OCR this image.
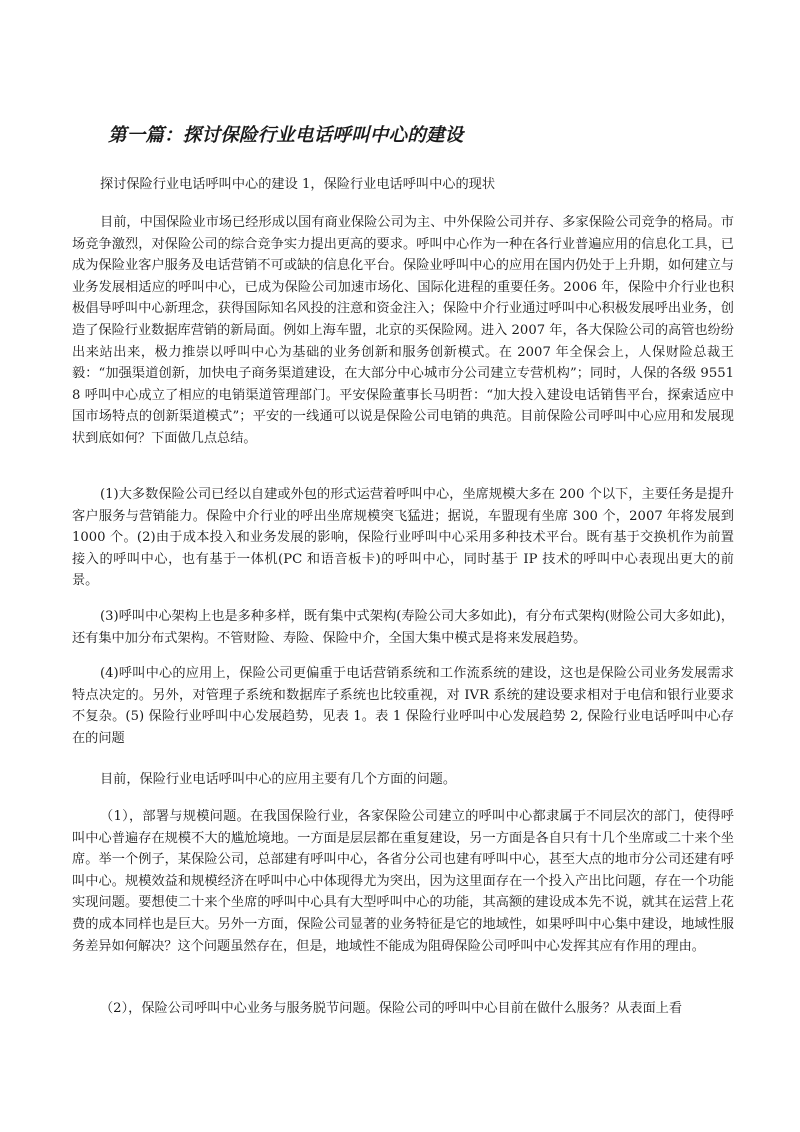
第一篇：探讨保险行业电话呼叫中心的建设

探讨保险行业电话呼叫中心的建设 1，保险行业电话呼叫中心的现状

目前，中国保险业市场已经形成以国有商业保险公司为主、中外保险公司并存、多家保险公司竞争的格局。市场竞争激烈，对保险公司的综合竞争实力提出更高的要求。呼叫中心作为一种在各行业普遍应用的信息化工具，已成为保险业客户服务及电话营销不可或缺的信息化平台。保险业呼叫中心的应用在国内仍处于上升期，如何建立与业务发展相适应的呼叫中心，已成为保险公司加速市场化、国际化进程的重要任务。2006 年，保险中介行业也积极倡导呼叫中心新理念，获得国际知名风投的注意和资金注入；保险中介行业通过呼叫中心积极发展呼出业务，创造了保险行业数据库营销的新局面。例如上海车盟，北京的买保险网。进入 2007 年，各大保险公司的高管也纷纷出来站出来，极力推崇以呼叫中心为基础的业务创新和服务创新模式。在 2007 年全保会上，人保财险总裁王毅：“加强渠道创新，加快电子商务渠道建设，在大部分中心城市分公司建立专营机构”；同时，人保的各级 95518 呼叫中心成立了相应的电销渠道管理部门。平安保险董事长马明哲：“加大投入建设电话销售平台，探索适应中国市场特点的创新渠道模式”；平安的一线通可以说是保险公司电销的典范。目前保险公司呼叫中心应用和发展现状到底如何？下面做几点总结。

(1)大多数保险公司已经以自建或外包的形式运营着呼叫中心，坐席规模大多在 200 个以下，主要任务是提升客户服务与营销能力。保险中介行业的呼出坐席规模突飞猛进；据说，车盟现有坐席 300 个，2007 年将发展到 1000 个。(2)由于成本投入和业务发展的影响，保险行业呼叫中心采用多种技术平台。既有基于交换机作为前置接入的呼叫中心，也有基于一体机(PC 和语音板卡)的呼叫中心，同时基于 IP 技术的呼叫中心表现出更大的前景。

(3)呼叫中心架构上也是多种多样，既有集中式架构(寿险公司大多如此)，有分布式架构(财险公司大多如此)，还有集中加分布式架构。不管财险、寿险、保险中介，全国大集中模式是将来发展趋势。

(4)呼叫中心的应用上，保险公司更偏重于电话营销系统和工作流系统的建设，这也是保险公司业务发展需求特点决定的。另外，对管理子系统和数据库子系统也比较重视，对 IVR 系统的建设要求相对于电信和银行业要求不复杂。(5) 保险行业呼叫中心发展趋势，见表 1。表 1 保险行业呼叫中心发展趋势 2, 保险行业电话呼叫中心存在的问题

目前，保险行业电话呼叫中心的应用主要有几个方面的问题。

（1），部署与规模问题。在我国保险行业，各家保险公司建立的呼叫中心都隶属于不同层次的部门，使得呼叫中心普遍存在规模不大的尴尬境地。一方面是层层都在重复建设，另一方面是各自只有十几个坐席或二十来个坐席。举一个例子，某保险公司，总部建有呼叫中心，各省分公司也建有呼叫中心，甚至大点的地市分公司还建有呼叫中心。规模效益和规模经济在呼叫中心中体现得尤为突出，因为这里面存在一个投入产出比问题，存在一个功能实现问题。要想使二十来个坐席的呼叫中心具有大型呼叫中心的功能，其高额的建设成本先不说，就其在运营上花费的成本同样也是巨大。另外一方面，保险公司显著的业务特征是它的地域性，如果呼叫中心集中建设，地域性服务差异如何解决？这个问题虽然存在，但是，地域性不能成为阻碍保险公司呼叫中心发挥其应有作用的理由。

（2），保险公司呼叫中心业务与服务脱节问题。保险公司的呼叫中心目前在做什么服务？从表面上看
